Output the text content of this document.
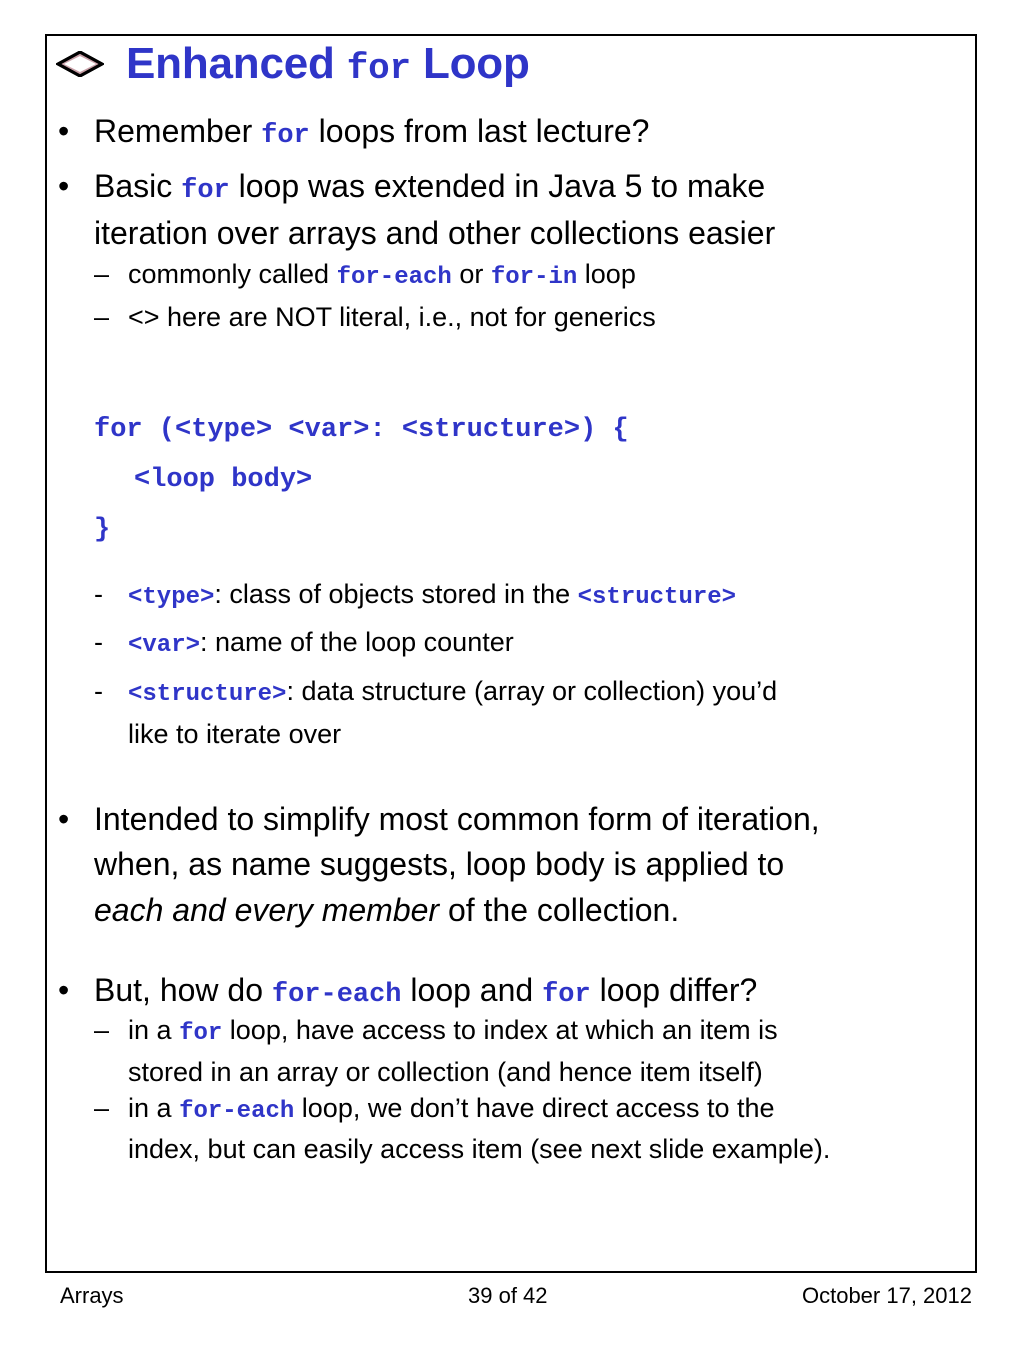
Enhanced for Loop
• Remember for loops from last lecture?
• Basic for loop was extended in Java 5 to make
iteration over arrays and other collections easier
– commonly called for-each or for-in loop
– <> here are NOT literal, i.e., not for generics
for (<type> <var>: <structure>) {
<loop body>
}
- <type>: class of objects stored in the <structure>
- <var>: name of the loop counter
- <structure>: data structure (array or collection) you’d
like to iterate over
• Intended to simplify most common form of iteration,
when, as name suggests, loop body is applied to
each and every member of the collection.
• But, how do for-each loop and for loop differ?
– in a for loop, have access to index at which an item is
stored in an array or collection (and hence item itself)
– in a for-each loop, we don’t have direct access to the
index, but can easily access item (see next slide example).
Arrays	39 of 42	October 17, 2012
